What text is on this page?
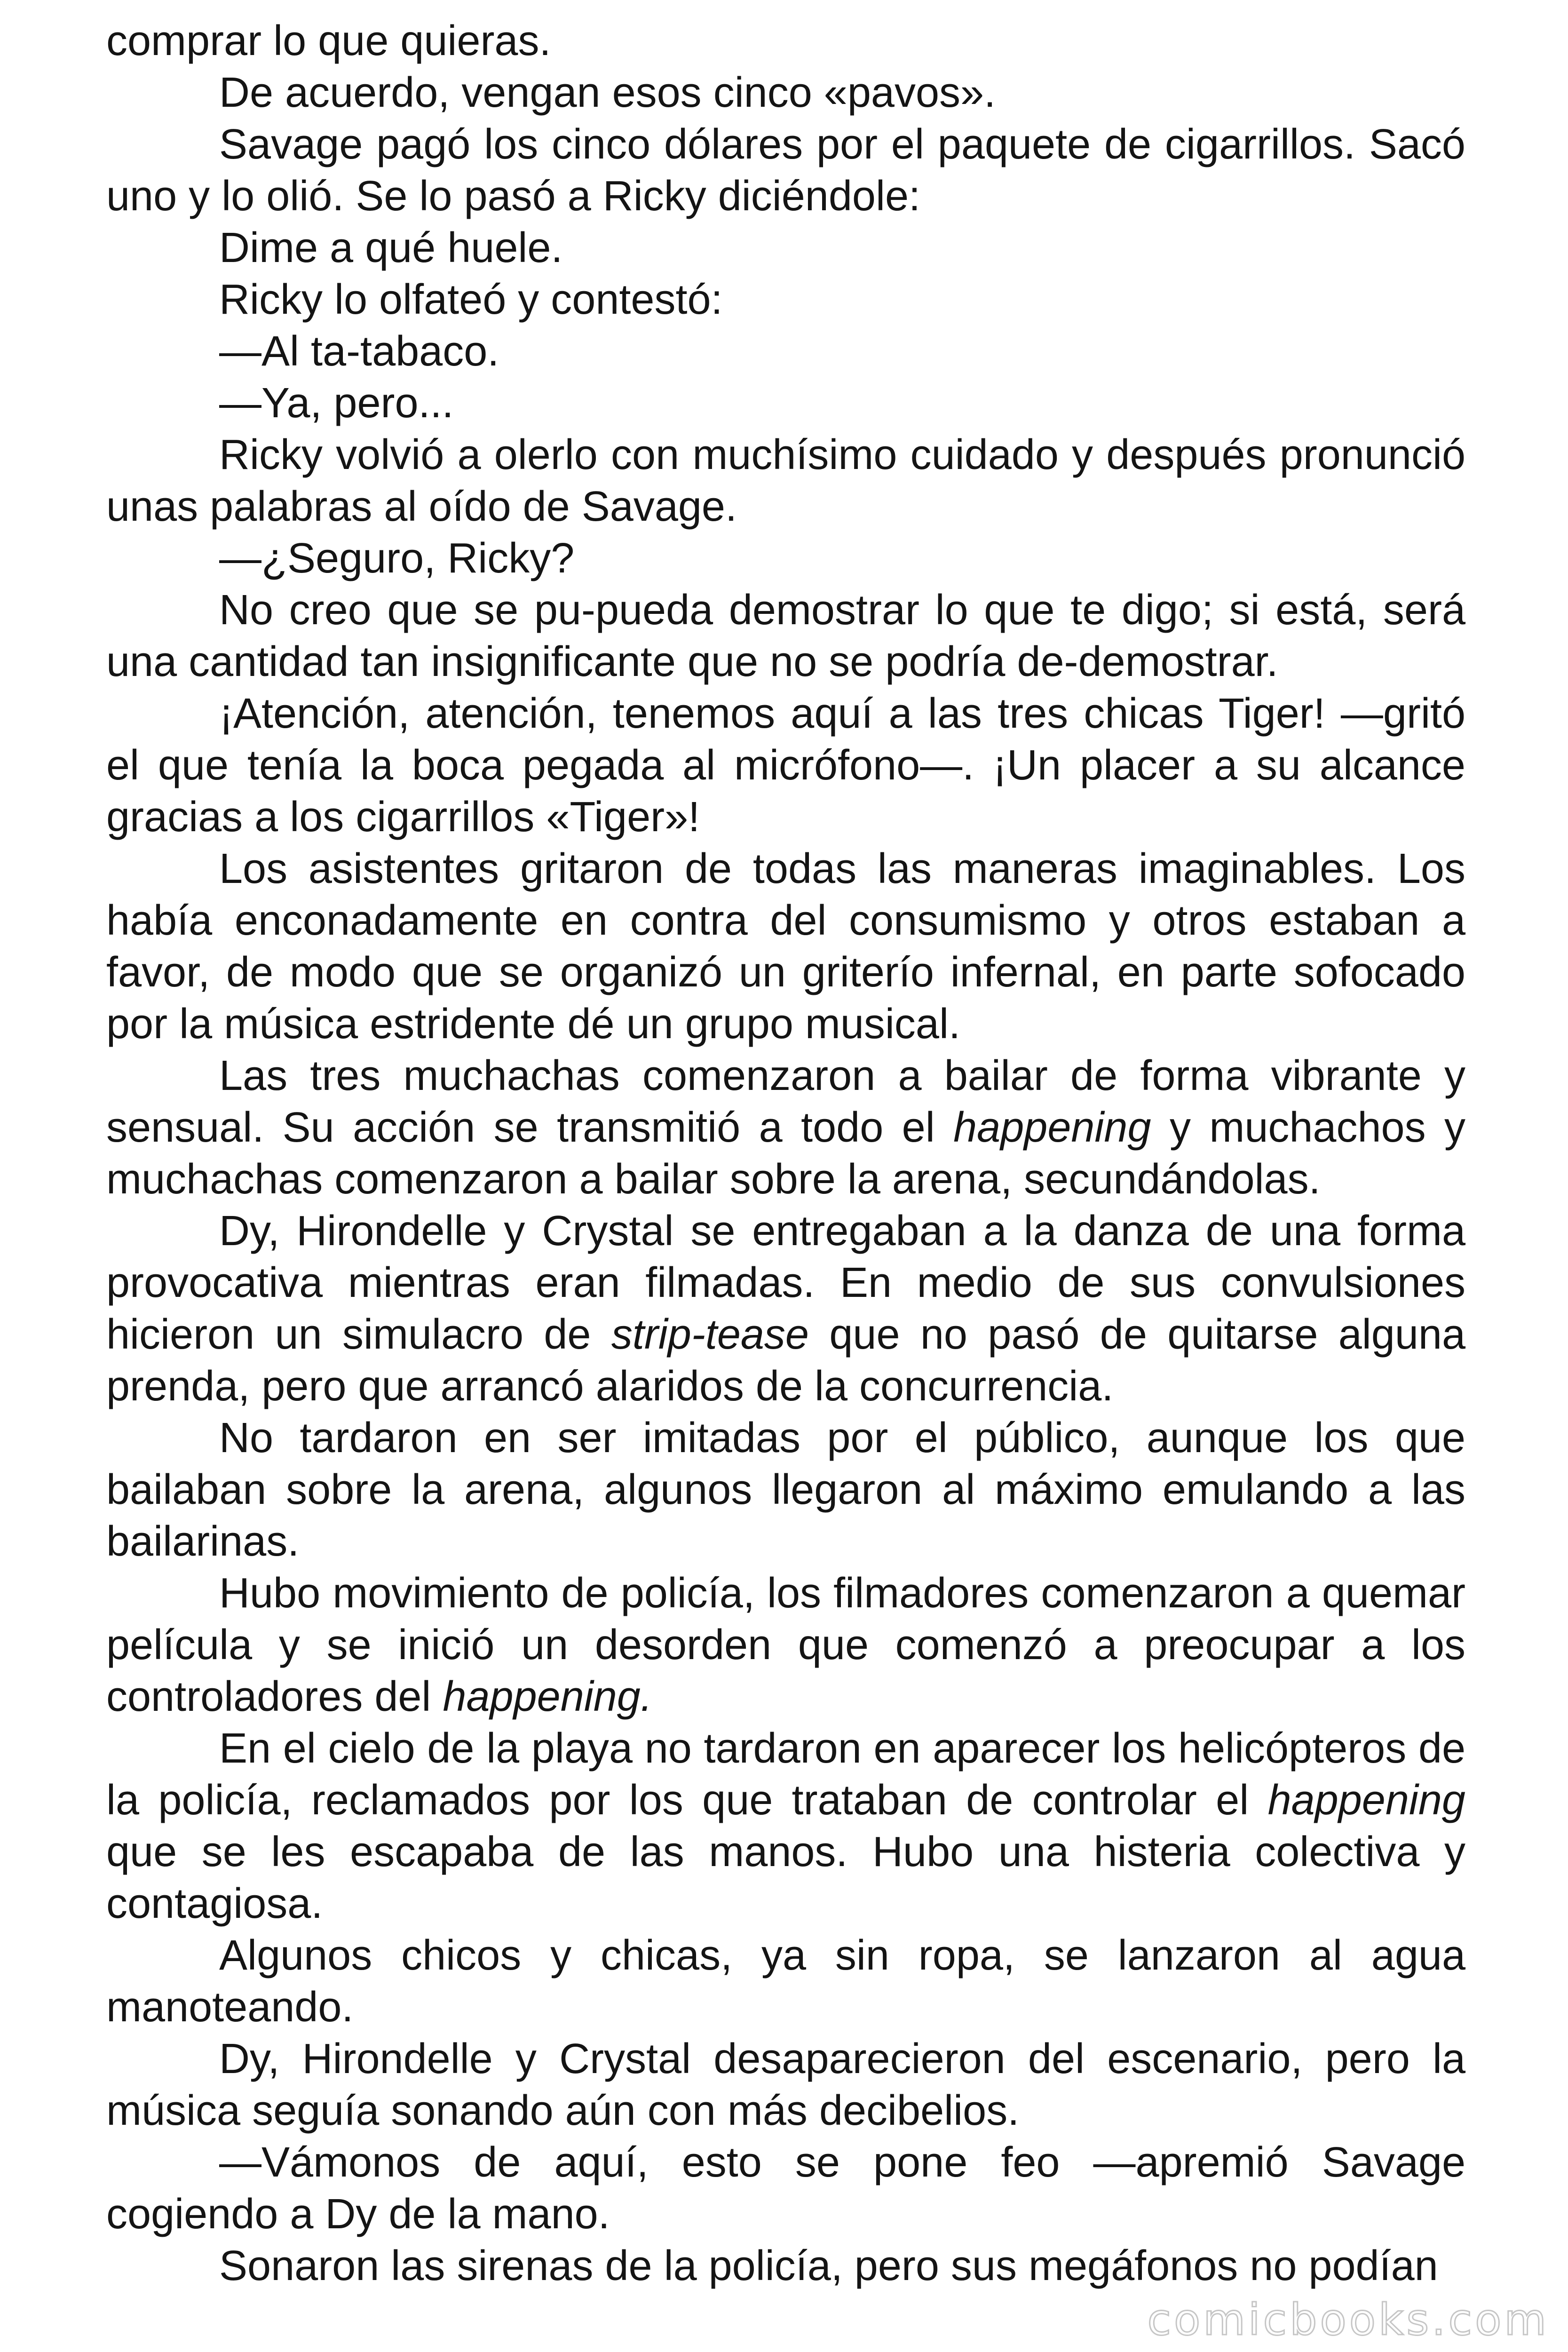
comprar lo que quieras.

De acuerdo, vengan esos cinco «pavos».

Savage pagó los cinco dólares por el paquete de cigarrillos. Sacó uno y lo olió. Se lo pasó a Ricky diciéndole:

Dime a qué huele.

Ricky lo olfateó y contestó:

—Al ta-tabaco.

—Ya, pero...

Ricky volvió a olerlo con muchísimo cuidado y después pronunció unas palabras al oído de Savage.

—¿Seguro, Ricky?

No creo que se pu-pueda demostrar lo que te digo; si está, será una cantidad tan insignificante que no se podría de-demostrar.

¡Atención, atención, tenemos aquí a las tres chicas Tiger! —gritó el que tenía la boca pegada al micrófono—. ¡Un placer a su alcance gracias a los cigarrillos «Tiger»!

Los asistentes gritaron de todas las maneras imaginables. Los había enconadamente en contra del consumismo y otros estaban a favor, de modo que se organizó un griterío infernal, en parte sofocado por la música estridente dé un grupo musical.

Las tres muchachas comenzaron a bailar de forma vibrante y sensual. Su acción se transmitió a todo el happening y muchachos y muchachas comenzaron a bailar sobre la arena, secundándolas.

Dy, Hirondelle y Crystal se entregaban a la danza de una forma provocativa mientras eran filmadas. En medio de sus convulsiones hicieron un simulacro de strip-tease que no pasó de quitarse alguna prenda, pero que arrancó alaridos de la concurrencia.

No tardaron en ser imitadas por el público, aunque los que bailaban sobre la arena, algunos llegaron al máximo emulando a las bailarinas.

Hubo movimiento de policía, los filmadores comenzaron a quemar película y se inició un desorden que comenzó a preocupar a los controladores del happening.

En el cielo de la playa no tardaron en aparecer los helicópteros de la policía, reclamados por los que trataban de controlar el happening que se les escapaba de las manos. Hubo una histeria colectiva y contagiosa.

Algunos chicos y chicas, ya sin ropa, se lanzaron al agua manoteando.

Dy, Hirondelle y Crystal desaparecieron del escenario, pero la música seguía sonando aún con más decibelios.

—Vámonos de aquí, esto se pone feo —apremió Savage cogiendo a Dy de la mano.

Sonaron las sirenas de la policía, pero sus megáfonos no podían

comicbooks.com
